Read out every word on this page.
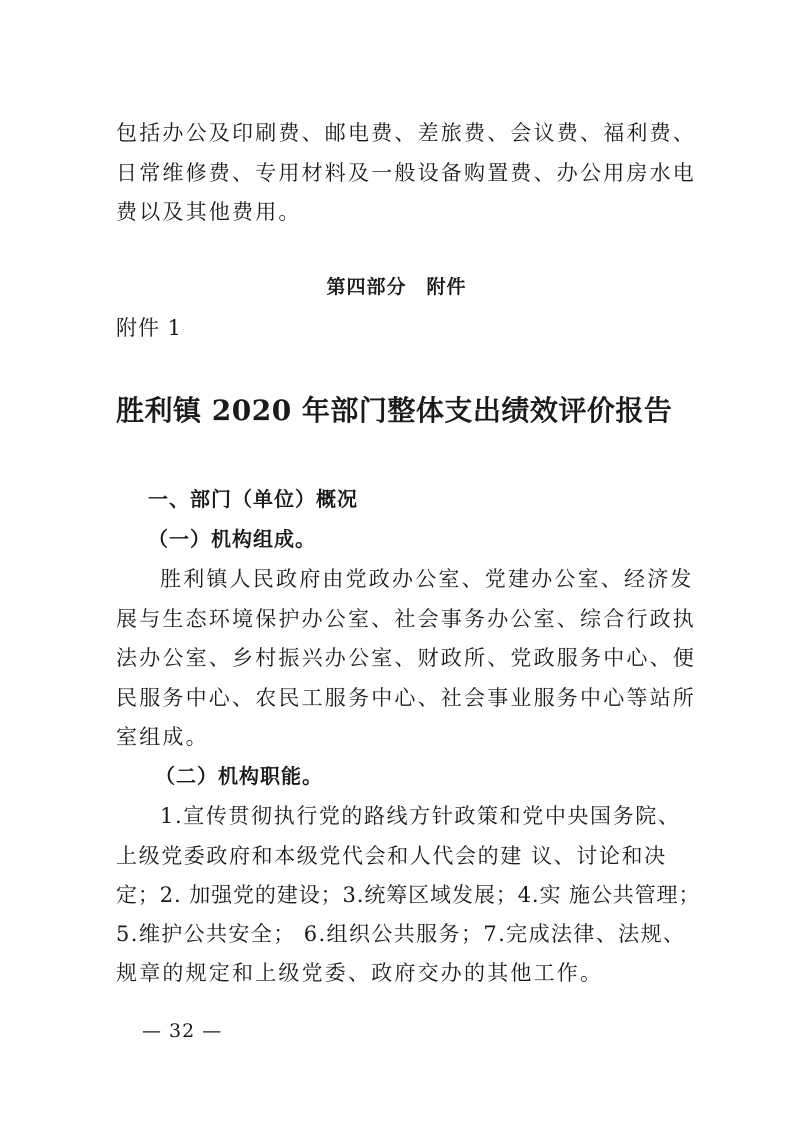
包括办公及印刷费、邮电费、差旅费、会议费、福利费、
日常维修费、专用材料及一般设备购置费、办公用房水电
费以及其他费用。
第四部分　附件
附件 1
胜利镇 2020 年部门整体支出绩效评价报告
一、部门（单位）概况
（一）机构组成。
胜利镇人民政府由党政办公室、党建办公室、经济发
展与生态环境保护办公室、社会事务办公室、综合行政执
法办公室、乡村振兴办公室、财政所、党政服务中心、便
民服务中心、农民工服务中心、社会事业服务中心等站所
室组成。
（二）机构职能。
1.宣传贯彻执行党的路线方针政策和党中央国务院、
上级党委政府和本级党代会和人代会的建 议、讨论和决
定；2. 加强党的建设；3.统筹区域发展；4.实 施公共管理；
5.维护公共安全； 6.组织公共服务；7.完成法律、法规、
规章的规定和上级党委、政府交办的其他工作。
— 32 —
